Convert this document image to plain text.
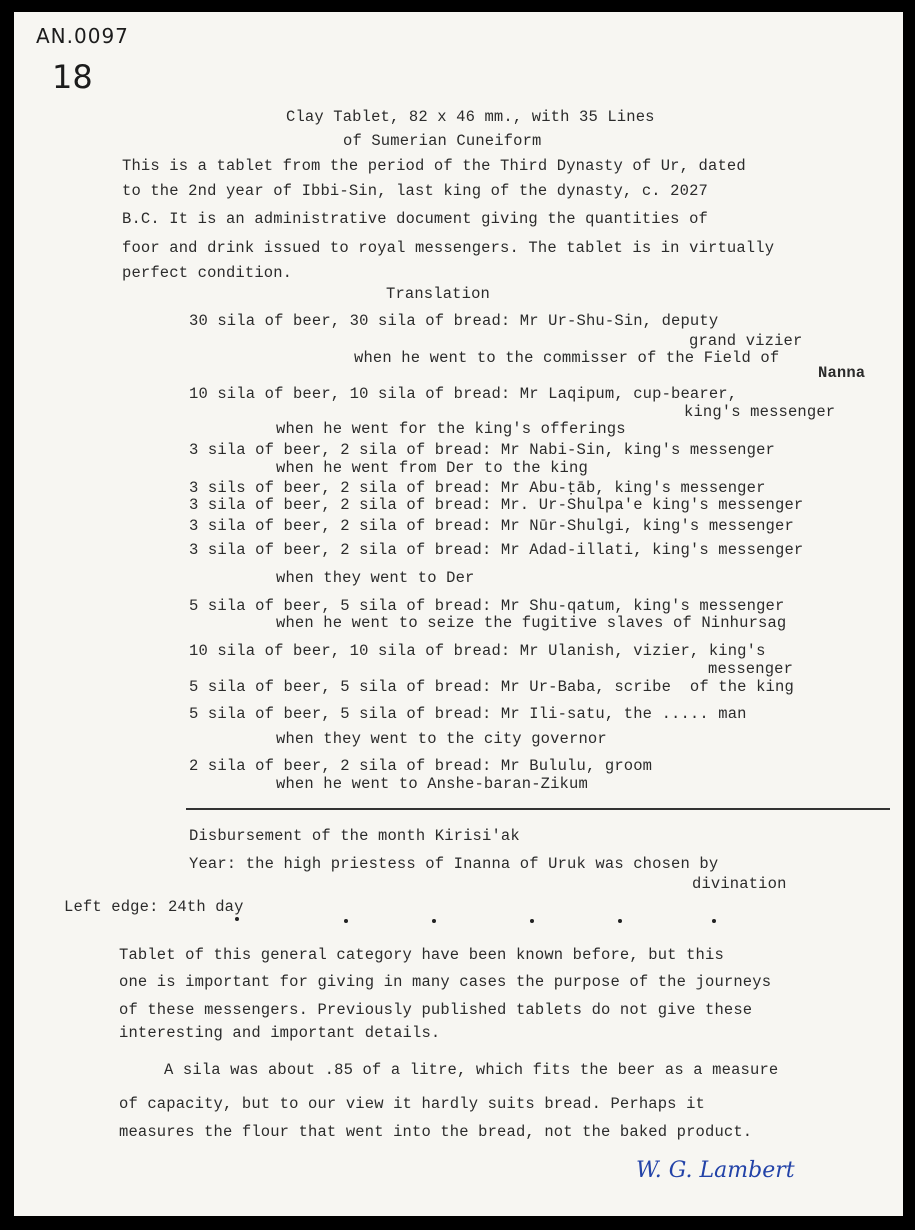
AN.0097
18
Clay Tablet, 82 x 46 mm., with 35 Lines
of Sumerian Cuneiform
This is a tablet from the period of the Third Dynasty of Ur, dated
to the 2nd year of Ibbi-Sin, last king of the dynasty, c. 2027
B.C. It is an administrative document giving the quantities of
foor and drink issued to royal messengers. The tablet is in virtually
perfect condition.
Translation
30 sila of beer, 30 sila of bread: Mr Ur-Shu-Sin, deputy
grand vizier
when he went to the commisser of the Field of
Nanna
10 sila of beer, 10 sila of bread: Mr Laqipum, cup-bearer,
king's messenger
when he went for the king's offerings
3 sila of beer, 2 sila of bread: Mr Nabi-Sin, king's messenger
when he went from Der to the king
3 sils of beer, 2 sila of bread: Mr Abu-ṭāb, king's messenger
3 sila of beer, 2 sila of bread: Mr. Ur-Shulpa'e king's messenger
3 sila of beer, 2 sila of bread: Mr Nūr-Shulgi, king's messenger
3 sila of beer, 2 sila of bread: Mr Adad-illati, king's messenger
when they went to Der
5 sila of beer, 5 sila of bread: Mr Shu-qatum, king's messenger
when he went to seize the fugitive slaves of Ninhursag
10 sila of beer, 10 sila of bread: Mr Ulanish, vizier, king's
messenger
5 sila of beer, 5 sila of bread: Mr Ur-Baba, scribe  of the king
5 sila of beer, 5 sila of bread: Mr Ili-satu, the ..... man
when they went to the city governor
2 sila of beer, 2 sila of bread: Mr Bululu, groom
when he went to Anshe-baran-Zikum
Disbursement of the month Kirisi'ak
Year: the high priestess of Inanna of Uruk was chosen by
divination
Left edge: 24th day
Tablet of this general category have been known before, but this
one is important for giving in many cases the purpose of the journeys
of these messengers. Previously published tablets do not give these
interesting and important details.
A sila was about .85 of a litre, which fits the beer as a measure
of capacity, but to our view it hardly suits bread. Perhaps it
measures the flour that went into the bread, not the baked product.
W. G. Lambert
